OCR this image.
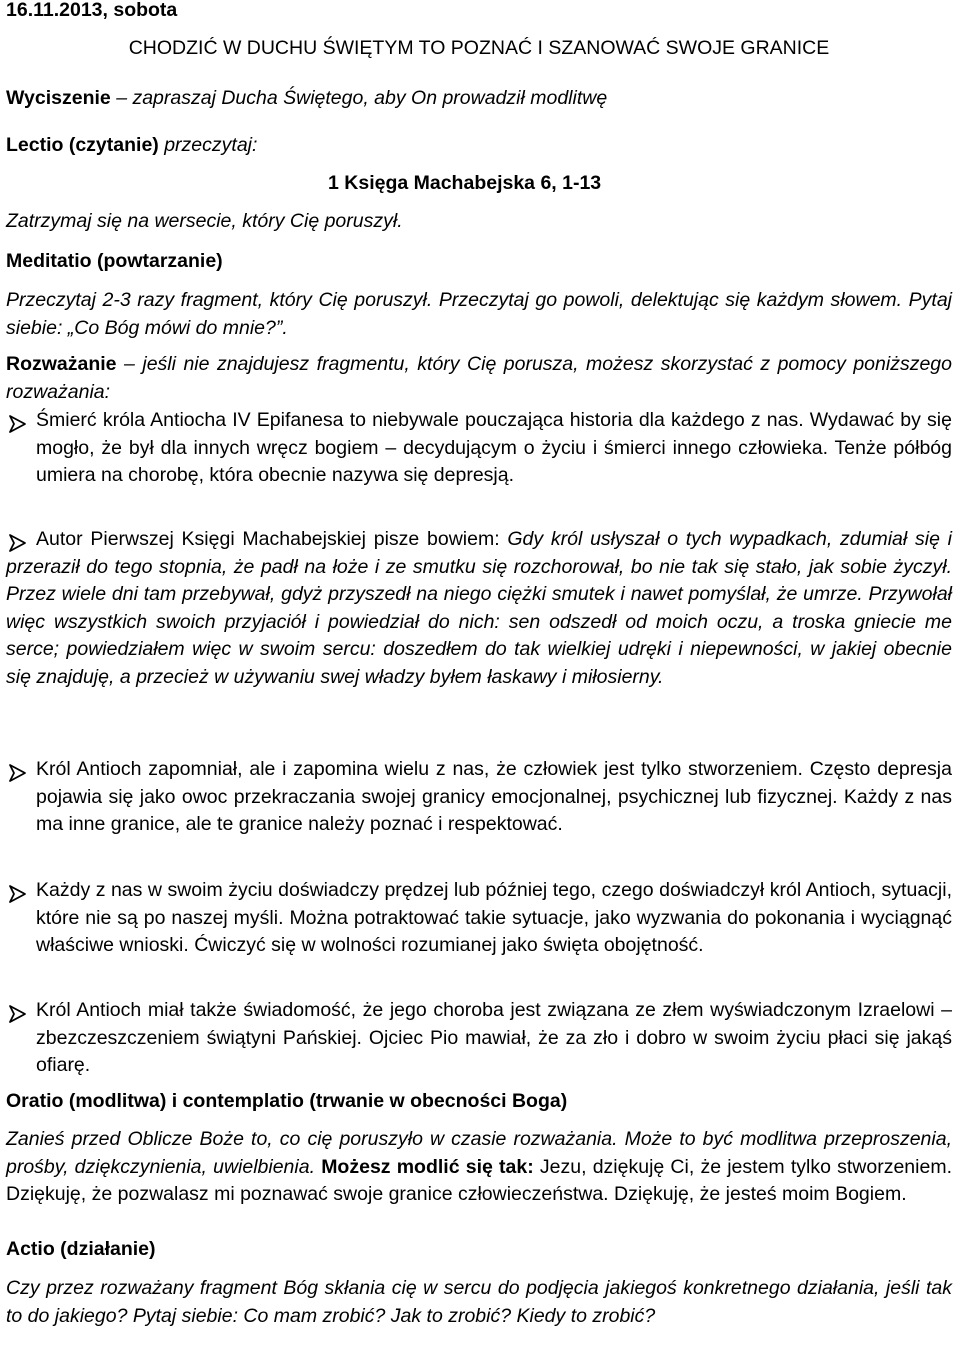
16.11.2013, sobota
CHODZIĆ W DUCHU ŚWIĘTYM TO POZNAĆ I SZANOWAĆ SWOJE GRANICE
Wyciszenie – zapraszaj Ducha Świętego, aby On prowadził modlitwę
Lectio (czytanie) przeczytaj:
1 Księga Machabejska 6, 1-13
Zatrzymaj się na wersecie, który Cię poruszył.
Meditatio (powtarzanie)
Przeczytaj 2-3 razy fragment, który Cię poruszył. Przeczytaj go powoli, delektując się każdym słowem. Pytaj siebie: „Co Bóg mówi do mnie?”.
Rozważanie – jeśli nie znajdujesz fragmentu, który Cię porusza, możesz skorzystać z pomocy poniższego rozważania:
Śmierć króla Antiocha IV Epifanesa to niebywale pouczająca historia dla każdego z nas. Wydawać by się mogło, że był dla innych wręcz bogiem – decydującym o życiu i śmierci innego człowieka. Tenże półbóg umiera na chorobę, która obecnie nazywa się depresją.
Autor Pierwszej Księgi Machabejskiej pisze bowiem: Gdy król usłyszał o tych wypadkach, zdumiał się i przeraził do tego stopnia, że padł na łoże i ze smutku się rozchorował, bo nie tak się stało, jak sobie życzył. Przez wiele dni tam przebywał, gdyż przyszedł na niego ciężki smutek i nawet pomyślał, że umrze. Przywołał więc wszystkich swoich przyjaciół i powiedział do nich: sen odszedł od moich oczu, a troska gniecie me serce; powiedziałem więc w swoim sercu: doszedłem do tak wielkiej udręki i niepewności, w jakiej obecnie się znajduję, a przecież w używaniu swej władzy byłem łaskawy i miłosierny.
Król Antioch zapomniał, ale i zapomina wielu z nas, że człowiek jest tylko stworzeniem. Często depresja pojawia się jako owoc przekraczania swojej granicy emocjonalnej, psychicznej lub fizycznej. Każdy z nas ma inne granice, ale te granice należy poznać i respektować.
Każdy z nas w swoim życiu doświadczy prędzej lub później tego, czego doświadczył król Antioch, sytuacji, które nie są po naszej myśli. Można potraktować takie sytuacje, jako wyzwania do pokonania i wyciągnąć właściwe wnioski. Ćwiczyć się w wolności rozumianej jako święta obojętność.
Król Antioch miał także świadomość, że jego choroba jest związana ze złem wyświadczonym Izraelowi – zbezczeszczeniem świątyni Pańskiej. Ojciec Pio mawiał, że za zło i dobro w swoim życiu płaci się jakąś ofiarę.
Oratio (modlitwa) i contemplatio (trwanie w obecności Boga)
Zanieś przed Oblicze Boże to, co cię poruszyło w czasie rozważania. Może to być modlitwa przeproszenia, prośby, dziękczynienia, uwielbienia. Możesz modlić się tak: Jezu, dziękuję Ci, że jestem tylko stworzeniem. Dziękuję, że pozwalasz mi poznawać swoje granice człowieczeństwa. Dziękuję, że jesteś moim Bogiem.
Actio (działanie)
Czy przez rozważany fragment Bóg skłania cię w sercu do podjęcia jakiegoś konkretnego działania, jeśli tak to do jakiego? Pytaj siebie: Co mam zrobić? Jak to zrobić? Kiedy to zrobić?
